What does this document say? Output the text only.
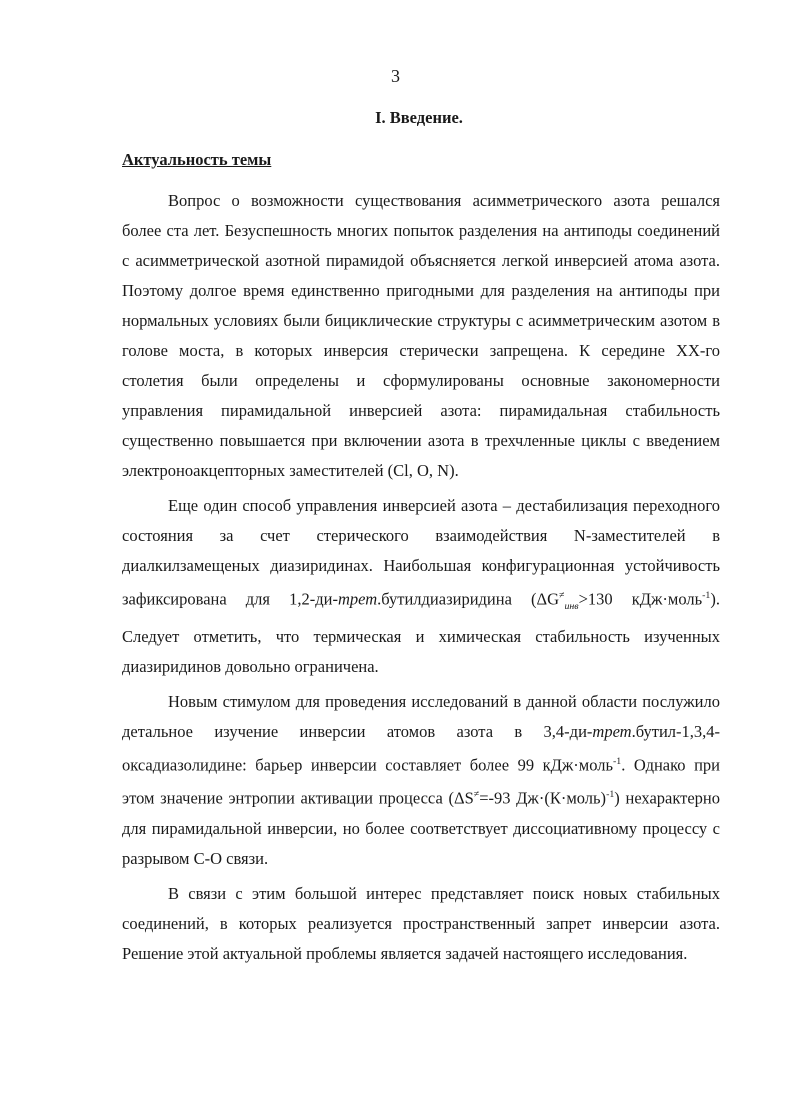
3
I. Введение.
Актуальность темы

Вопрос о возможности существования асимметрического азота решался более ста лет. Безуспешность многих попыток разделения на антиподы соединений с асимметрической азотной пирамидой объясняется легкой инверсией атома азота. Поэтому долгое время единственно пригодными для разделения на антиподы при нормальных условиях были бициклические структуры с асимметрическим азотом в голове моста, в которых инверсия стерически запрещена. К середине XX-го столетия были определены и сформулированы основные закономерности управления пирамидальной инверсией азота: пирамидальная стабильность существенно повышается при включении азота в трехчленные циклы с введением электроноакцепторных заместителей (Cl, O, N).

Еще один способ управления инверсией азота – дестабилизация переходного состояния за счет стерического взаимодействия N-заместителей в диалкилзамещеных диазиридинах. Наибольшая конфигурационная устойчивость зафиксирована для 1,2-ди-трет.бутилдиазиридина ($\Delta G^\ne_{инв}>130$ кДж·моль$^{-1}$). Следует отметить, что термическая и химическая стабильность изученных диазиридинов довольно ограничена.

Новым стимулом для проведения исследований в данной области послужило детальное изучение инверсии атомов азота в 3,4-ди-трет.бутил-1,3,4-оксадиазолидине: барьер инверсии составляет более 99 кДж·моль$^{-1}$. Однако при этом значение энтропии активации процесса (ΔS≠=-93 Дж·(К·моль)$^{-1}$) нехарактерно для пирамидальной инверсии, но более соответствует диссоциативному процессу с разрывом С-О связи.

В связи с этим большой интерес представляет поиск новых стабильных соединений, в которых реализуется пространственный запрет инверсии азота. Решение этой актуальной проблемы является задачей настоящего исследования.
